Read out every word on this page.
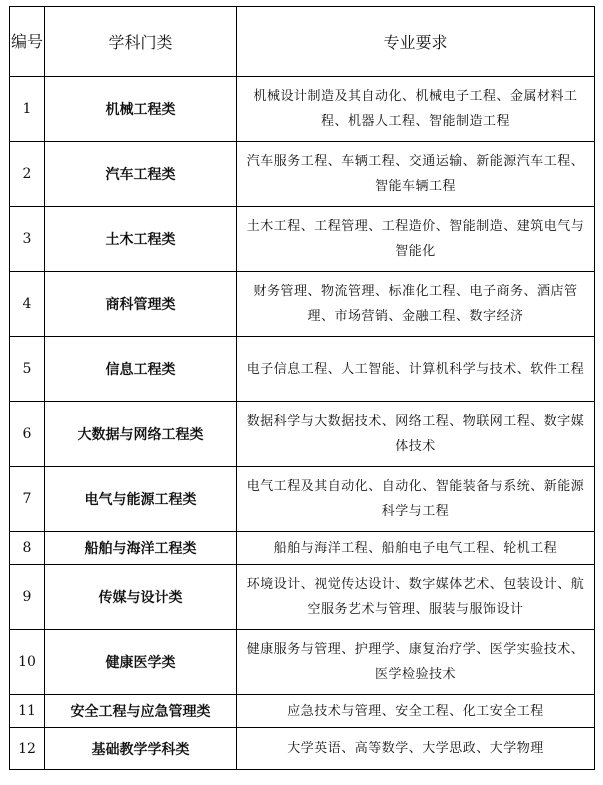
编号	学科门类	专业要求
1	机械工程类	机械设计制造及其自动化、机械电子工程、金属材料工程、机器人工程、智能制造工程
2	汽车工程类	汽车服务工程、车辆工程、交通运输、新能源汽车工程、智能车辆工程
3	土木工程类	土木工程、工程管理、工程造价、智能制造、建筑电气与智能化
4	商科管理类	财务管理、物流管理、标准化工程、电子商务、酒店管理、市场营销、金融工程、数字经济
5	信息工程类	电子信息工程、人工智能、计算机科学与技术、软件工程
6	大数据与网络工程类	数据科学与大数据技术、网络工程、物联网工程、数字媒体技术
7	电气与能源工程类	电气工程及其自动化、自动化、智能装备与系统、新能源科学与工程
8	船舶与海洋工程类	船舶与海洋工程、船舶电子电气工程、轮机工程
9	传媒与设计类	环境设计、视觉传达设计、数字媒体艺术、包装设计、航空服务艺术与管理、服装与服饰设计
10	健康医学类	健康服务与管理、护理学、康复治疗学、医学实验技术、医学检验技术
11	安全工程与应急管理类	应急技术与管理、安全工程、化工安全工程
12	基础教学学科类	大学英语、高等数学、大学思政、大学物理
